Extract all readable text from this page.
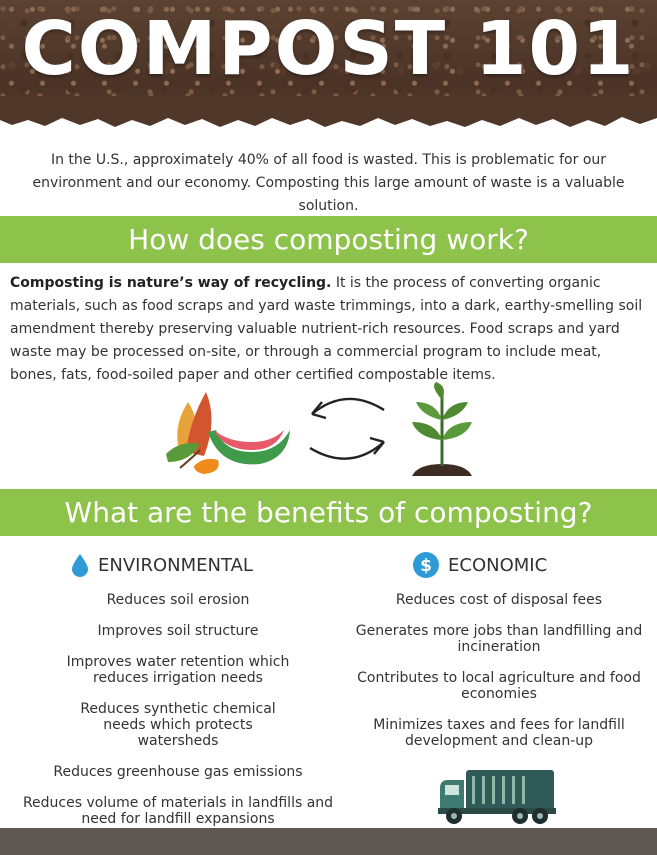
COMPOST 101
In the U.S., approximately 40% of all food is wasted. This is problematic for our environment and our economy. Composting this large amount of waste is a valuable solution.
How does composting work?
Composting is nature’s way of recycling. It is the process of converting organic materials, such as food scraps and yard waste trimmings, into a dark, earthy-smelling soil amendment thereby preserving valuable nutrient-rich resources. Food scraps and yard waste may be processed on-site, or through a commercial program to include meat, bones, fats, food-soiled paper and other certified compostable items.
What are the benefits of composting?
ENVIRONMENTAL	$ ECONOMIC
Reduces soil erosion
Improves soil structure
Improves water retention which reduces irrigation needs
Reduces synthetic chemical needs which protects watersheds
Reduces greenhouse gas emissions
Reduces volume of materials in landfills and need for landfill expansions
Reduces cost of disposal fees
Generates more jobs than landfilling and incineration
Contributes to local agriculture and food economies
Minimizes taxes and fees for landfill development and clean-up
